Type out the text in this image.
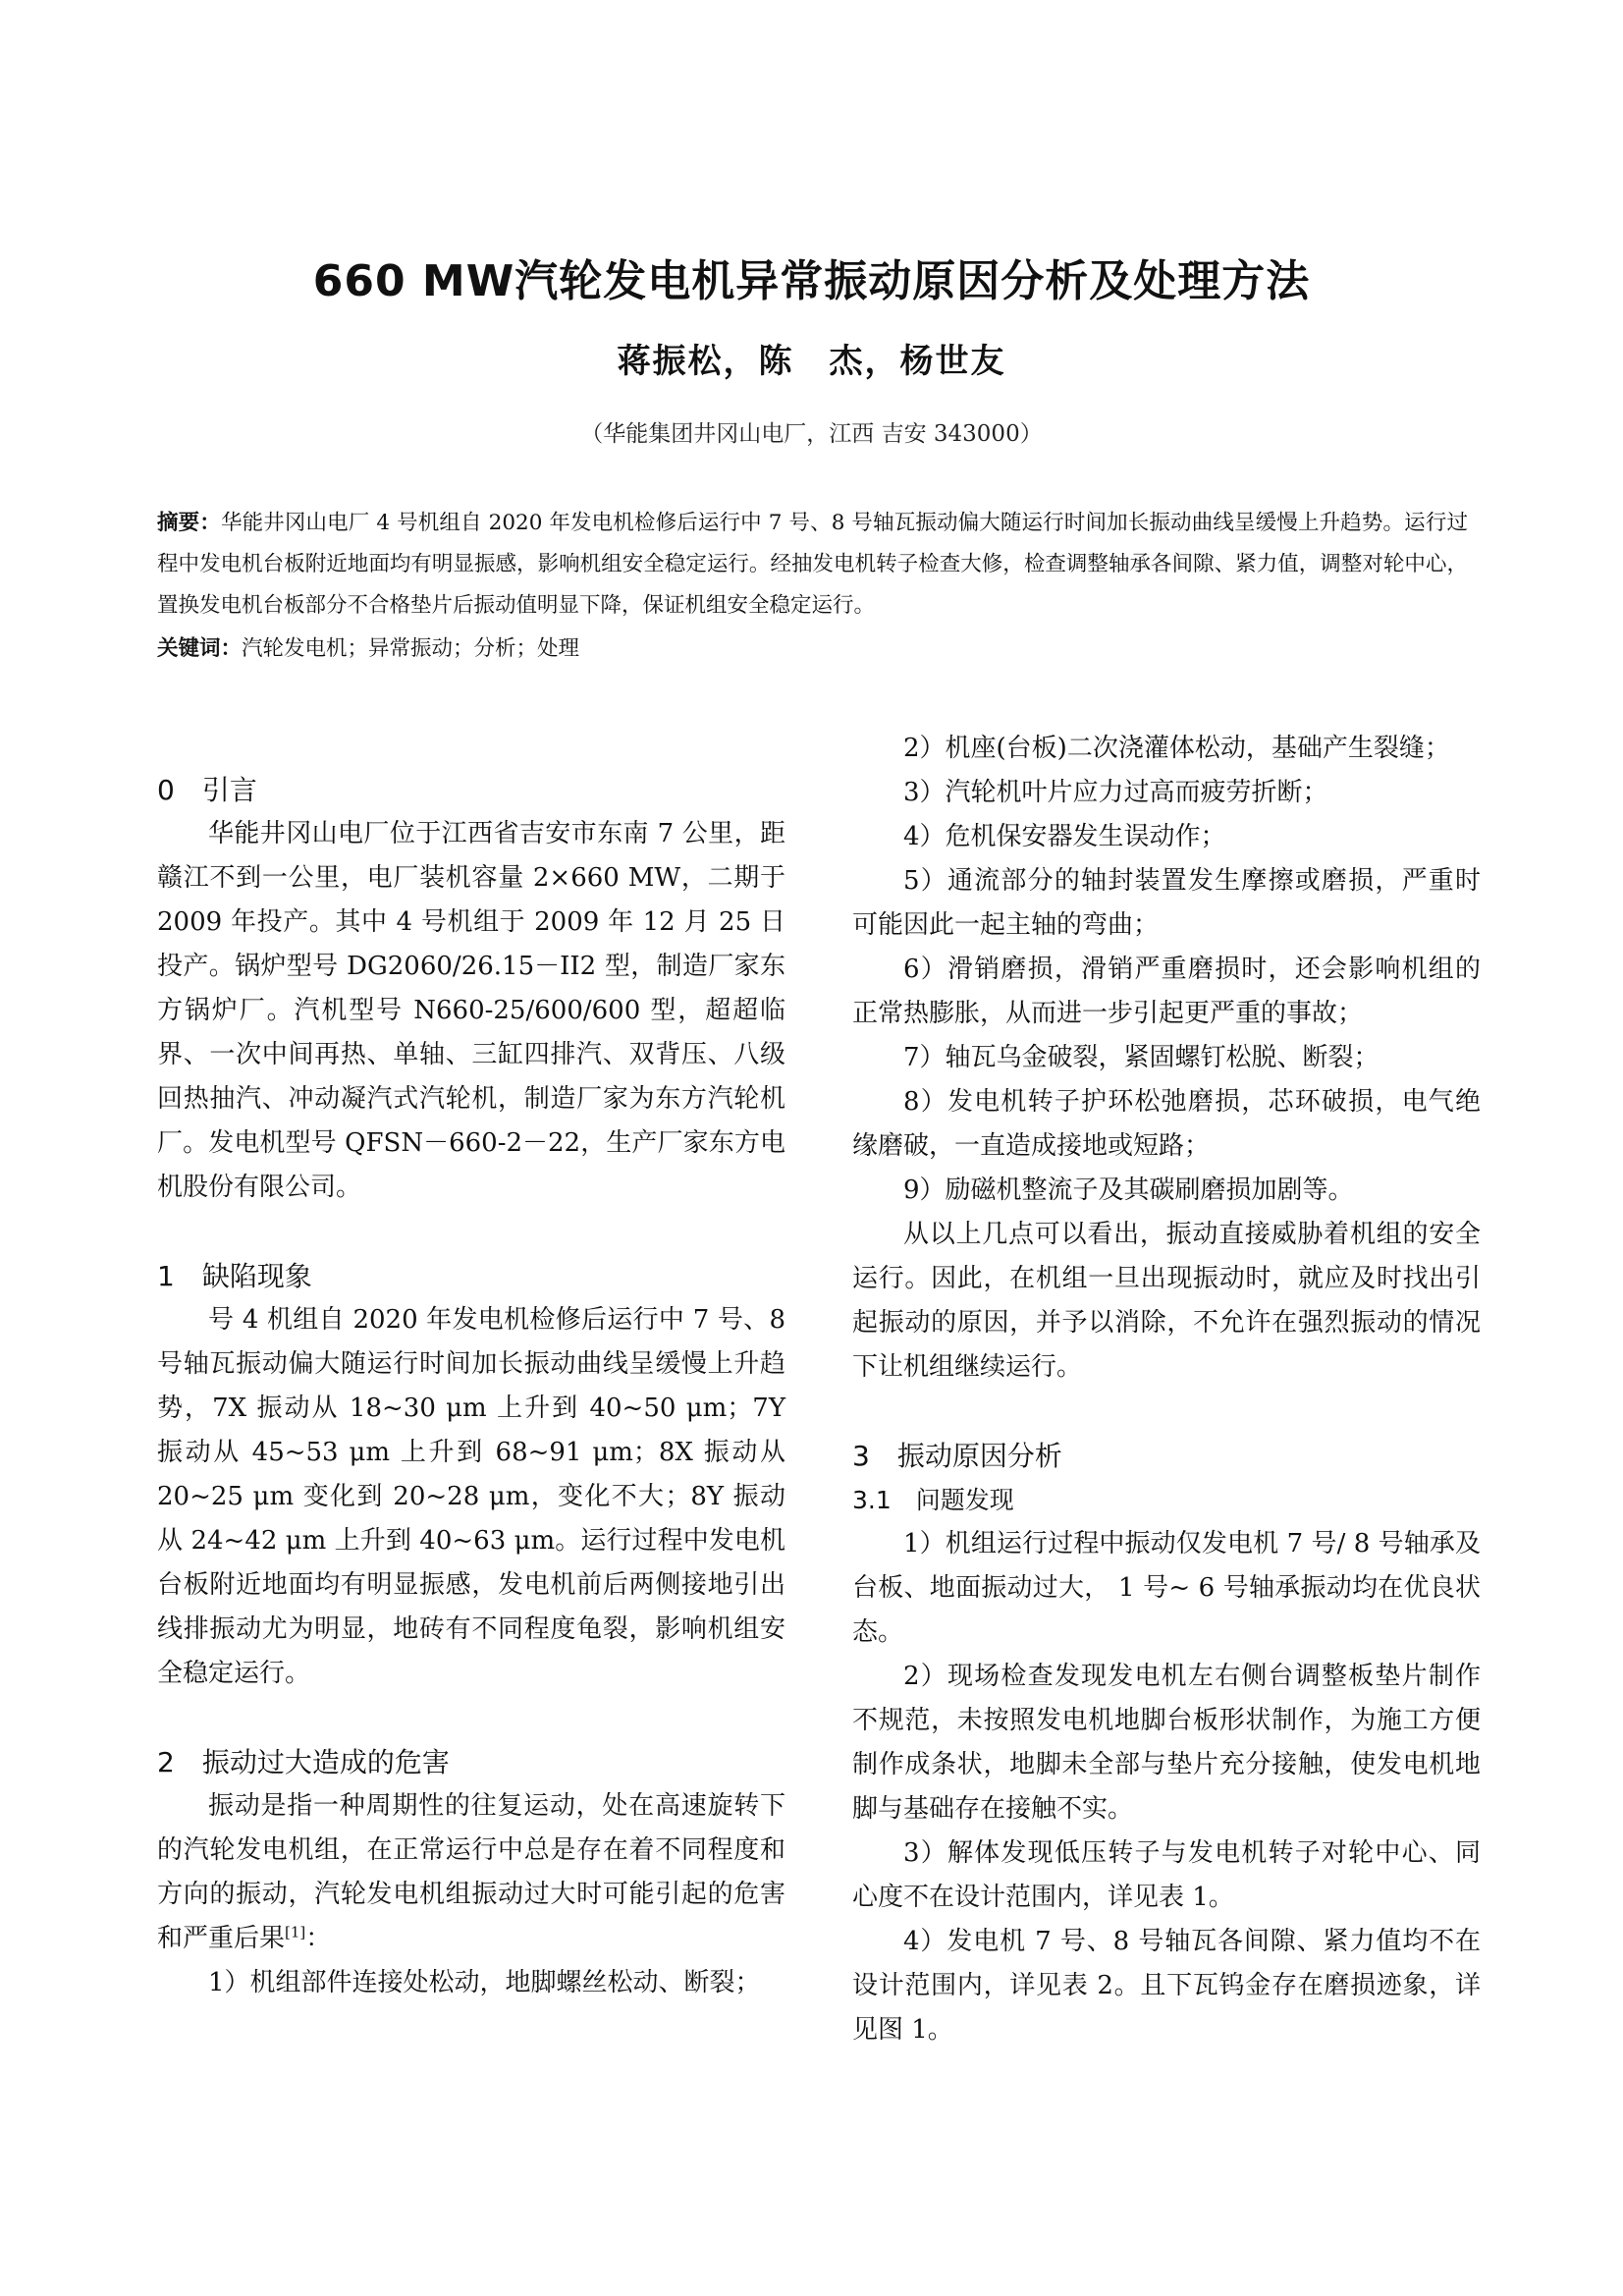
660 MW汽轮发电机异常振动原因分析及处理方法
蒋振松，陈　杰，杨世友
（华能集团井冈山电厂，江西 吉安 343000）
摘要：华能井冈山电厂 4 号机组自 2020 年发电机检修后运行中 7 号、8 号轴瓦振动偏大随运行时间加长振动曲线呈缓慢上升趋势。运行过程中发电机台板附近地面均有明显振感，影响机组安全稳定运行。经抽发电机转子检查大修，检查调整轴承各间隙、紧力值，调整对轮中心，置换发电机台板部分不合格垫片后振动值明显下降，保证机组安全稳定运行。
关键词：汽轮发电机；异常振动；分析；处理
0　引言

华能井冈山电厂位于江西省吉安市东南 7 公里，距赣江不到一公里，电厂装机容量 2×660 MW，二期于 2009 年投产。其中 4 号机组于 2009 年 12 月 25 日投产。锅炉型号 DG2060/26.15－II2 型，制造厂家东方锅炉厂。汽机型号 N660-25/600/600 型，超超临界、一次中间再热、单轴、三缸四排汽、双背压、八级回热抽汽、冲动凝汽式汽轮机，制造厂家为东方汽轮机厂。发电机型号 QFSN－660-2－22，生产厂家东方电机股份有限公司。

1　缺陷现象

号 4 机组自 2020 年发电机检修后运行中 7 号、8 号轴瓦振动偏大随运行时间加长振动曲线呈缓慢上升趋势，7X 振动从 18~30 μm 上升到 40~50 μm；7Y 振动从 45~53 μm 上升到 68~91 μm；8X 振动从 20~25 μm 变化到 20~28 μm，变化不大；8Y 振动从 24~42 μm 上升到 40~63 μm。运行过程中发电机台板附近地面均有明显振感，发电机前后两侧接地引出线排振动尤为明显，地砖有不同程度龟裂，影响机组安全稳定运行。

2　振动过大造成的危害

振动是指一种周期性的往复运动，处在高速旋转下的汽轮发电机组，在正常运行中总是存在着不同程度和方向的振动，汽轮发电机组振动过大时可能引起的危害和严重后果[1]：

1）机组部件连接处松动，地脚螺丝松动、断裂；

2）机座(台板)二次浇灌体松动，基础产生裂缝；

3）汽轮机叶片应力过高而疲劳折断；

4）危机保安器发生误动作；

5）通流部分的轴封装置发生摩擦或磨损，严重时可能因此一起主轴的弯曲；

6）滑销磨损，滑销严重磨损时，还会影响机组的正常热膨胀，从而进一步引起更严重的事故；

7）轴瓦乌金破裂，紧固螺钉松脱、断裂；

8）发电机转子护环松弛磨损，芯环破损，电气绝缘磨破，一直造成接地或短路；

9）励磁机整流子及其碳刷磨损加剧等。

从以上几点可以看出，振动直接威胁着机组的安全运行。因此，在机组一旦出现振动时，就应及时找出引起振动的原因，并予以消除，不允许在强烈振动的情况下让机组继续运行。

3　振动原因分析
3.1　问题发现

1）机组运行过程中振动仅发电机 7 号/ 8 号轴承及台板、地面振动过大， 1 号~ 6 号轴承振动均在优良状态。

2）现场检查发现发电机左右侧台调整板垫片制作不规范，未按照发电机地脚台板形状制作，为施工方便制作成条状，地脚未全部与垫片充分接触，使发电机地脚与基础存在接触不实。

3）解体发现低压转子与发电机转子对轮中心、同心度不在设计范围内，详见表 1。

4）发电机 7 号、8 号轴瓦各间隙、紧力值均不在设计范围内，详见表 2。且下瓦钨金存在磨损迹象，详见图 1。
